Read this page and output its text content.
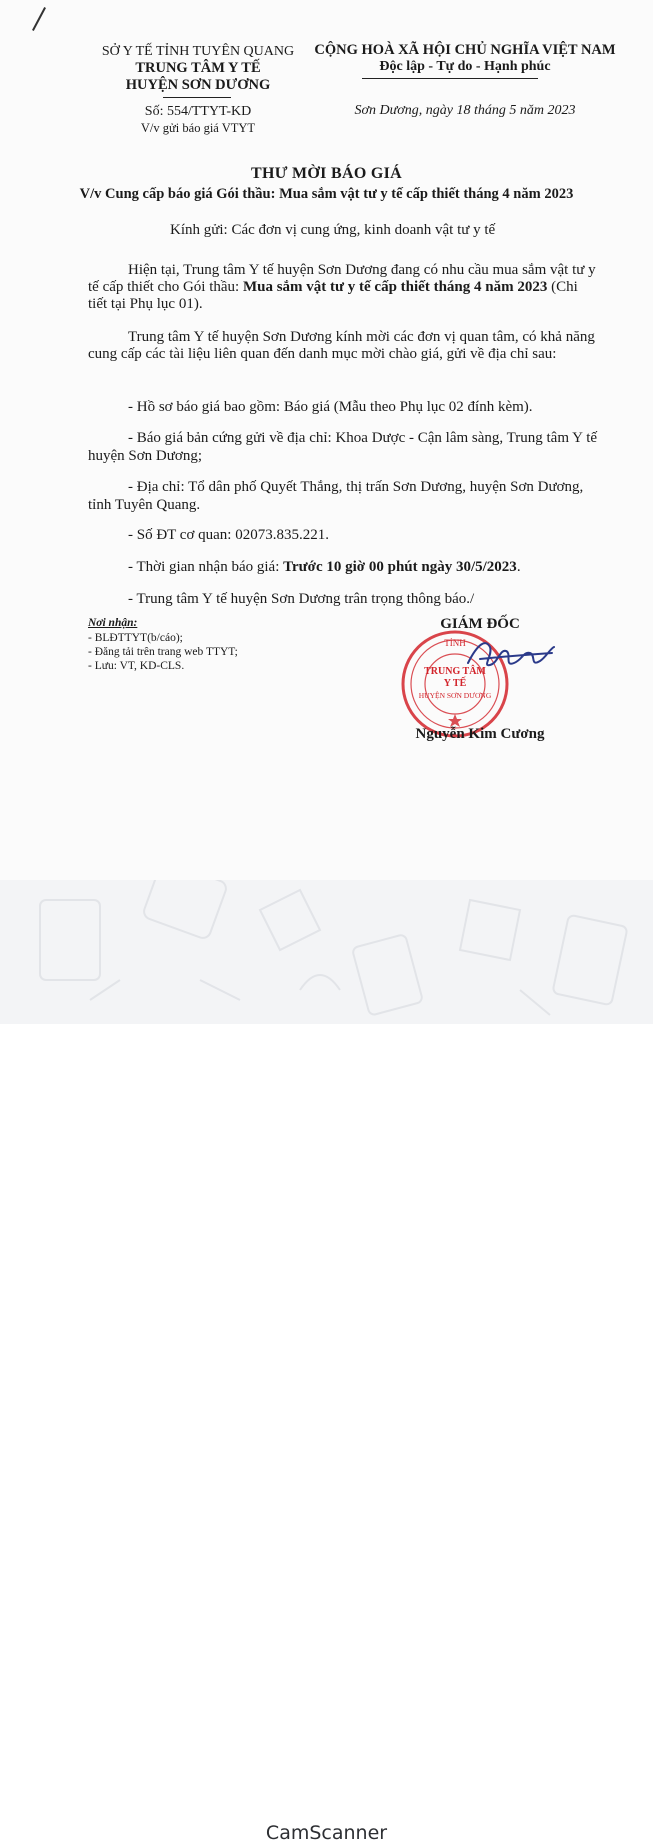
SỞ Y TẾ TỈNH TUYÊN QUANG
TRUNG TÂM Y TẾ
HUYỆN SƠN DƯƠNG
Số: 554/TTYT-KD
V/v gửi báo giá VTYT
CỘNG HOÀ XÃ HỘI CHỦ NGHĨA VIỆT NAM
Độc lập - Tự do - Hạnh phúc
Sơn Dương, ngày 18 tháng 5 năm 2023
THƯ MỜI BÁO GIÁ
V/v Cung cấp báo giá Gói thầu: Mua sắm vật tư y tế cấp thiết tháng 4 năm 2023
Kính gửi: Các đơn vị cung ứng, kinh doanh vật tư y tế
Hiện tại, Trung tâm Y tế huyện Sơn Dương đang có nhu cầu mua sắm vật tư y tế cấp thiết cho Gói thầu: Mua sắm vật tư y tế cấp thiết tháng 4 năm 2023 (Chi tiết tại Phụ lục 01).
Trung tâm Y tế huyện Sơn Dương kính mời các đơn vị quan tâm, có khả năng cung cấp các tài liệu liên quan đến danh mục mời chào giá, gửi về địa chỉ sau:
- Hồ sơ báo giá bao gồm: Báo giá (Mẫu theo Phụ lục 02 đính kèm).
- Báo giá bản cứng gửi về địa chỉ: Khoa Dược - Cận lâm sàng, Trung tâm Y tế huyện Sơn Dương;
- Địa chỉ: Tổ dân phố Quyết Thắng, thị trấn Sơn Dương, huyện Sơn Dương, tỉnh Tuyên Quang.
- Số ĐT cơ quan: 02073.835.221.
- Thời gian nhận báo giá: Trước 10 giờ 00 phút ngày 30/5/2023.
- Trung tâm Y tế huyện Sơn Dương trân trọng thông báo./
Nơi nhận:
- BLĐTTYT(b/cáo);
- Đăng tải trên trang web TTYT;
- Lưu: VT, KD-CLS.
GIÁM ĐỐC
TỈNH
TRUNG TÂM
Y TẾ
HUYỆN SƠN DƯƠNG
Nguyễn Kim Cương
CamScanner
